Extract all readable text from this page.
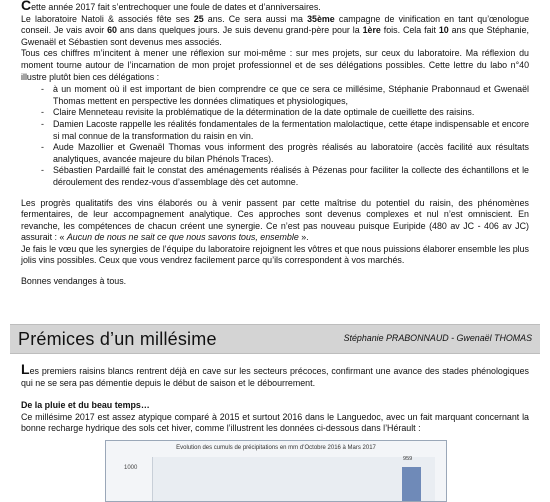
Cette année 2017 fait s’entrechoquer une foule de dates et d’anniversaires.

Le laboratoire Natoli & associés fête ses 25 ans. Ce sera aussi ma 35ème campagne de vinification en tant qu’œnologue conseil. Je vais avoir 60 ans dans quelques jours. Je suis devenu grand-père pour la 1ère fois. Cela fait 10 ans que Stéphanie, Gwenaël et Sébastien sont devenus mes associés.

Tous ces chiffres m’incitent à mener une réflexion sur moi-même : sur mes projets, sur ceux du laboratoire. Ma réflexion du moment tourne autour de l’incarnation de mon projet professionnel et de ses délégations possibles. Cette lettre du labo n°40 illustre plutôt bien ces délégations :

- à un moment où il est important de bien comprendre ce que ce sera ce millésime, Stéphanie Prabonnaud et Gwenaël Thomas mettent en perspective les données climatiques et physiologiques,
- Claire Menneteau revisite la problématique de la détermination de la date optimale de cueillette des raisins.
- Damien Lacoste rappelle les réalités fondamentales de la fermentation malolactique, cette étape indispensable et encore si mal connue de la transformation du raisin en vin.
- Aude Mazollier et Gwenaël Thomas vous informent des progrès réalisés au laboratoire (accès facilité aux résultats analytiques, avancée majeure du bilan Phénols Traces).
- Sébastien Pardaillé fait le constat des aménagements réalisés à Pézenas pour faciliter la collecte des échantillons et le déroulement des rendez-vous d’assemblage dès cet automne.

Les progrès qualitatifs des vins élaborés ou à venir passent par cette maîtrise du potentiel du raisin, des phénomènes fermentaires, de leur accompagnement analytique. Ces approches sont devenus complexes et nul n’est omniscient. En revanche, les compétences de chacun créent une synergie. Ce n’est pas nouveau puisque Euripide (480 av JC - 406 av JC) assurait : « Aucun de nous ne sait ce que nous savons tous, ensemble ».

Je fais le vœu que les synergies de l’équipe du laboratoire rejoignent les vôtres et que nous puissions élaborer ensemble les plus jolis vins possibles. Ceux que vous vendrez facilement parce qu’ils correspondent à vos marchés.

Bonnes vendanges à tous.

Prémices d’un millésime	Stéphanie PRABONNAUD - Gwenaël THOMAS

Les premiers raisins blancs rentrent déjà en cave sur les secteurs précoces, confirmant une avance des stades phénologiques qui ne se sera pas démentie depuis le début de saison et le débourrement.

De la pluie et du beau temps…

Ce millésime 2017 est assez atypique comparé à 2015 et surtout 2016 dans le Languedoc, avec un fait marquant concernant la bonne recharge hydrique des sols cet hiver, comme l’illustrent les données ci-dessous dans l’Hérault :

Evolution des cumuls de précipitations en mm d’Octobre 2016 à Mars 2017
1000
959
